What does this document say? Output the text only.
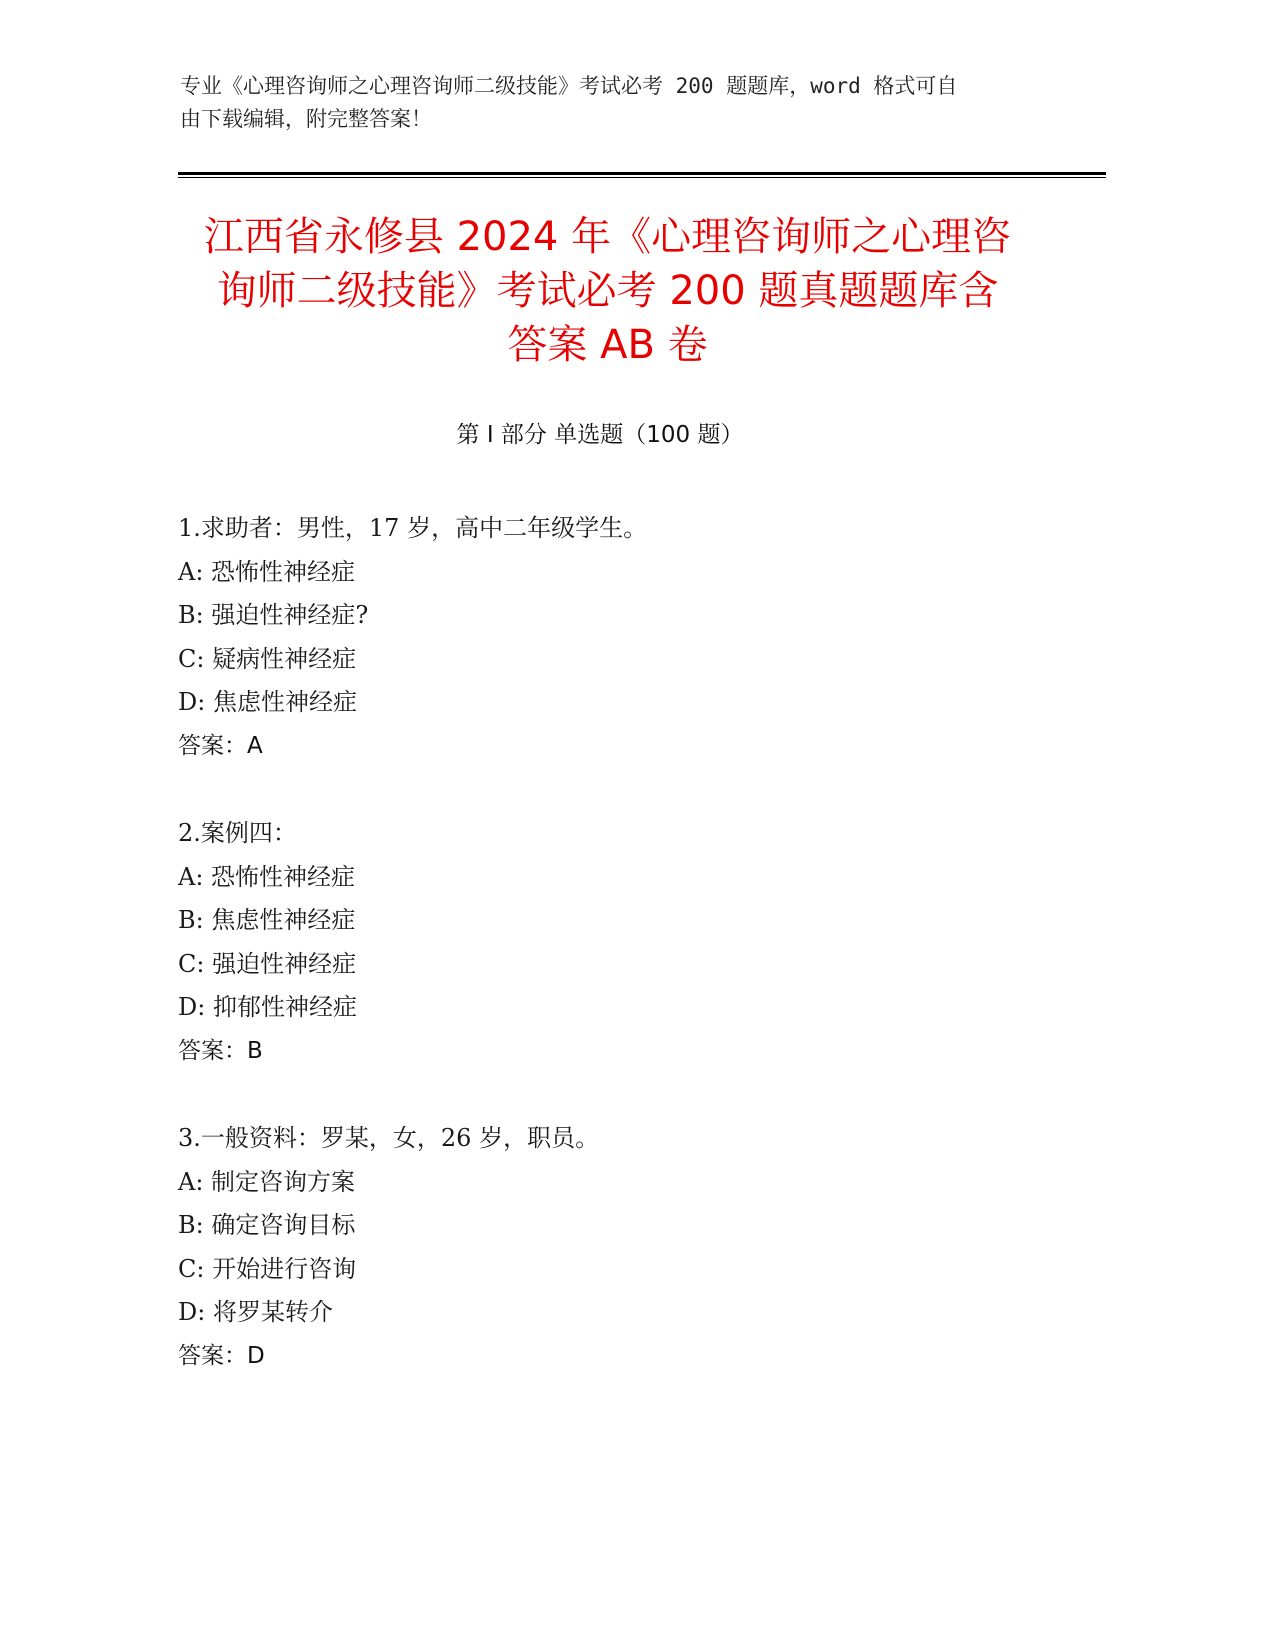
专业《心理咨询师之心理咨询师二级技能》考试必考 200 题题库，word 格式可自
由下载编辑，附完整答案！
江西省永修县 2024 年《心理咨询师之心理咨
询师二级技能》考试必考 200 题真题题库含
答案 AB 卷
第 I 部分 单选题（100 题）
1.求助者：男性，17 岁，高中二年级学生。
A: 恐怖性神经症
B: 强迫性神经症?
C: 疑病性神经症
D: 焦虑性神经症
答案：A
2.案例四：
A: 恐怖性神经症
B: 焦虑性神经症
C: 强迫性神经症
D: 抑郁性神经症
答案：B
3.一般资料：罗某，女，26 岁，职员。
A: 制定咨询方案
B: 确定咨询目标
C: 开始进行咨询
D: 将罗某转介
答案：D
